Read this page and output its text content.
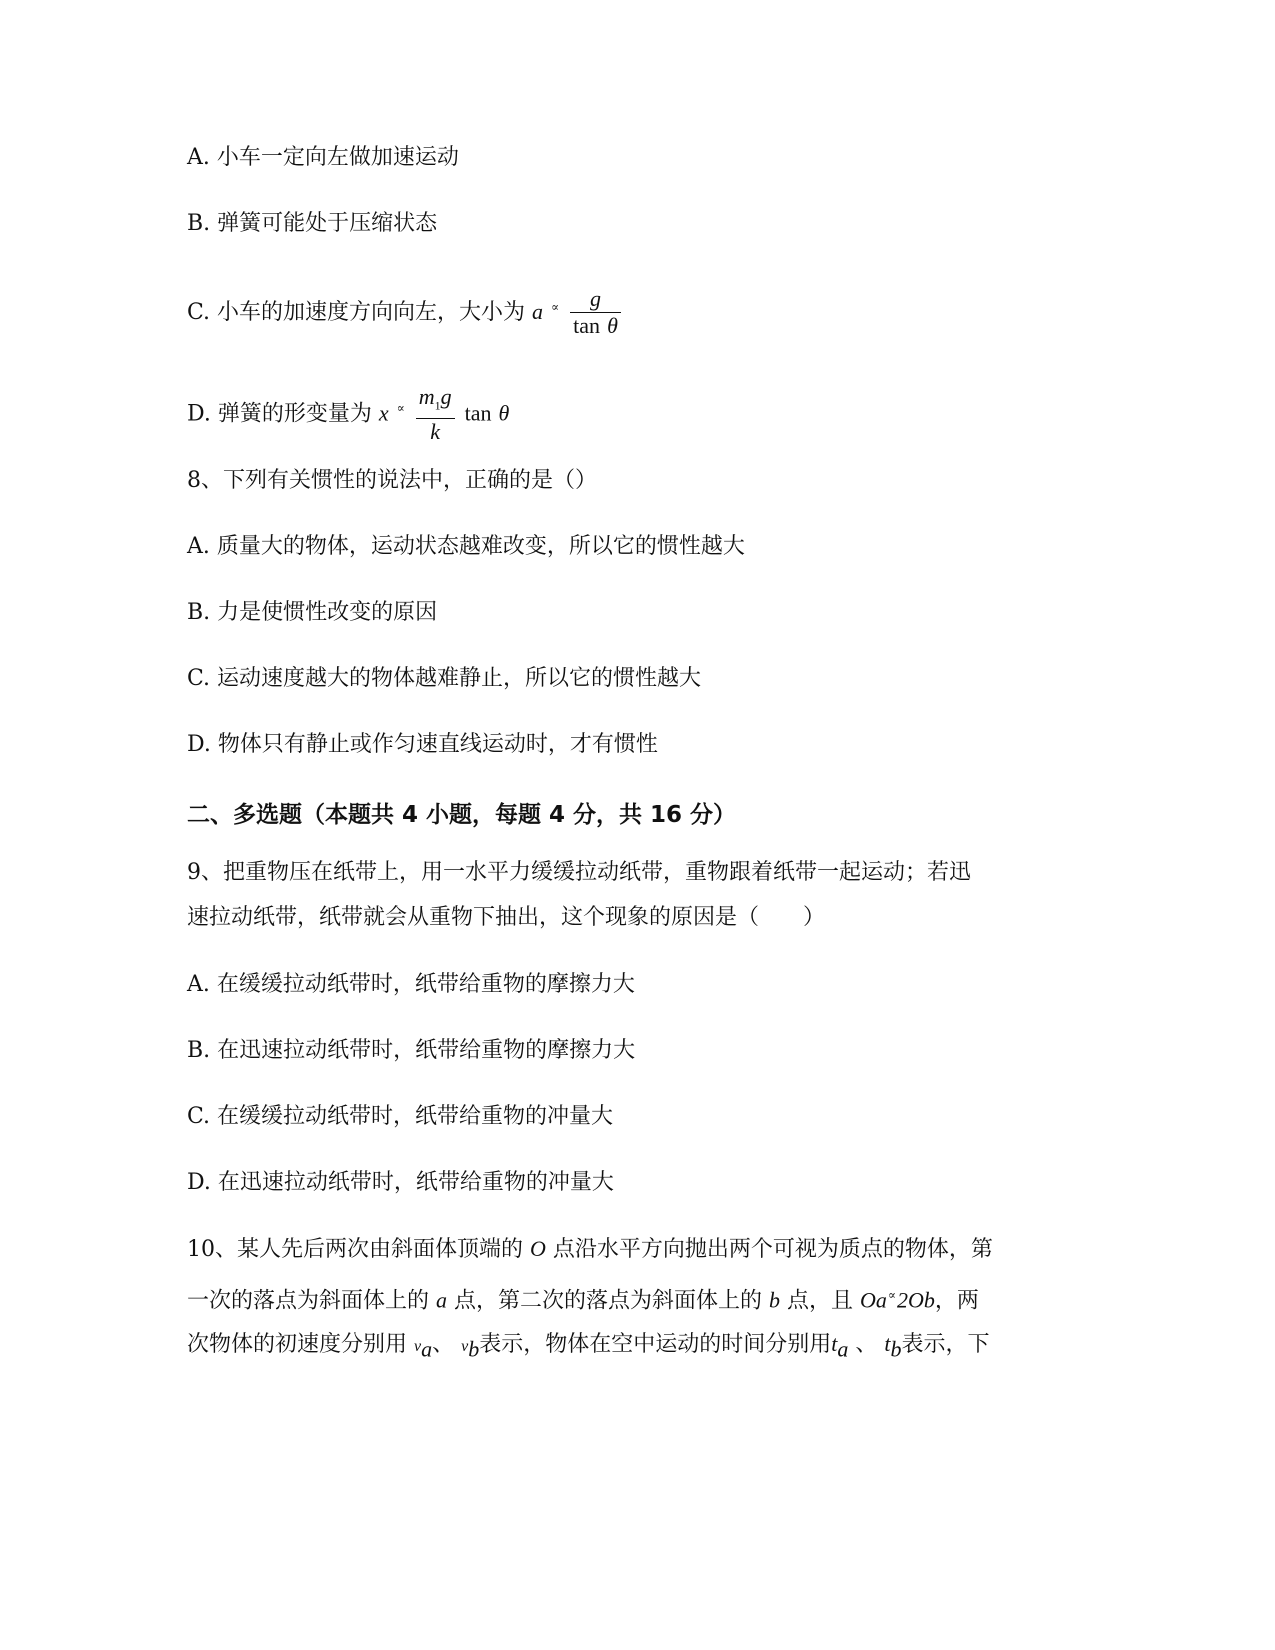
A. 小车一定向左做加速运动
B. 弹簧可能处于压缩状态
C. 小车的加速度方向向左，大小为 a $^\propto \frac{g}{\text{tan θ}}$
D. 弹簧的形变量为 x $^\propto \frac{m_1g}{k}$ tan θ
8、下列有关惯性的说法中，正确的是（）
A. 质量大的物体，运动状态越难改变，所以它的惯性越大
B. 力是使惯性改变的原因
C. 运动速度越大的物体越难静止，所以它的惯性越大
D. 物体只有静止或作匀速直线运动时，才有惯性
二、多选题（本题共 4 小题，每题 4 分，共 16 分）
9、把重物压在纸带上，用一水平力缓缓拉动纸带，重物跟着纸带一起运动；若迅
速拉动纸带，纸带就会从重物下抽出，这个现象的原因是（　　）
A. 在缓缓拉动纸带时，纸带给重物的摩擦力大
B. 在迅速拉动纸带时，纸带给重物的摩擦力大
C. 在缓缓拉动纸带时，纸带给重物的冲量大
D. 在迅速拉动纸带时，纸带给重物的冲量大
10、某人先后两次由斜面体顶端的 O 点沿水平方向抛出两个可视为质点的物体，第
一次的落点为斜面体上的 a 点，第二次的落点为斜面体上的 b 点，且 Oa∝2Ob，两
次物体的初速度分别用 $v_a$、 $v_b$表示，物体在空中运动的时间分别用$t_a$ 、 $t_b$表示，下
